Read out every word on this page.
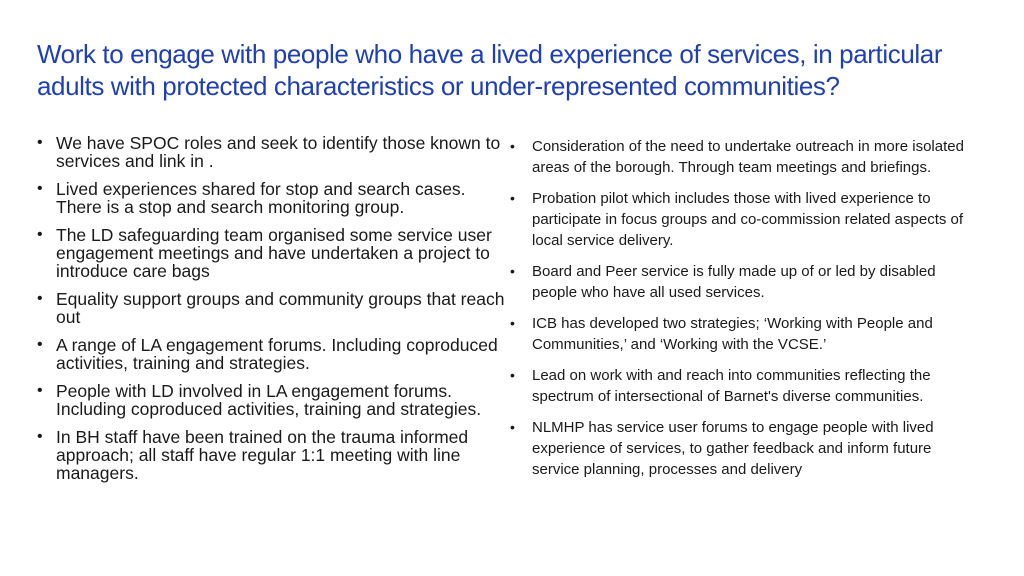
Work to engage with people who have a lived experience of services, in particular adults with protected characteristics or under-represented communities?
• We have SPOC roles and seek to identify those known to services and link in .
• Lived experiences shared for stop and search cases. There is a stop and search monitoring group.
• The LD safeguarding team organised some service user engagement meetings and have undertaken a project to introduce care bags
• Equality support groups and community groups that reach out
• A range of LA engagement forums. Including coproduced activities, training and strategies.
• People with LD involved in LA engagement forums. Including coproduced activities, training and strategies.
• In BH staff have been trained on the trauma informed approach; all staff have regular 1:1 meeting with line managers.
• Consideration of the need to undertake outreach in more isolated areas of the borough. Through team meetings and briefings.
• Probation pilot which includes those with lived experience to participate in focus groups and co-commission related aspects of local service delivery.
• Board and Peer service is fully made up of or led by disabled people who have all used services.
• ICB has developed two strategies; ‘Working with People and Communities,’ and ‘Working with the VCSE.’
• Lead on work with and reach into communities reflecting the spectrum of intersectional of Barnet's diverse communities.
• NLMHP has service user forums to engage people with lived experience of services, to gather feedback and inform future service planning, processes and delivery
